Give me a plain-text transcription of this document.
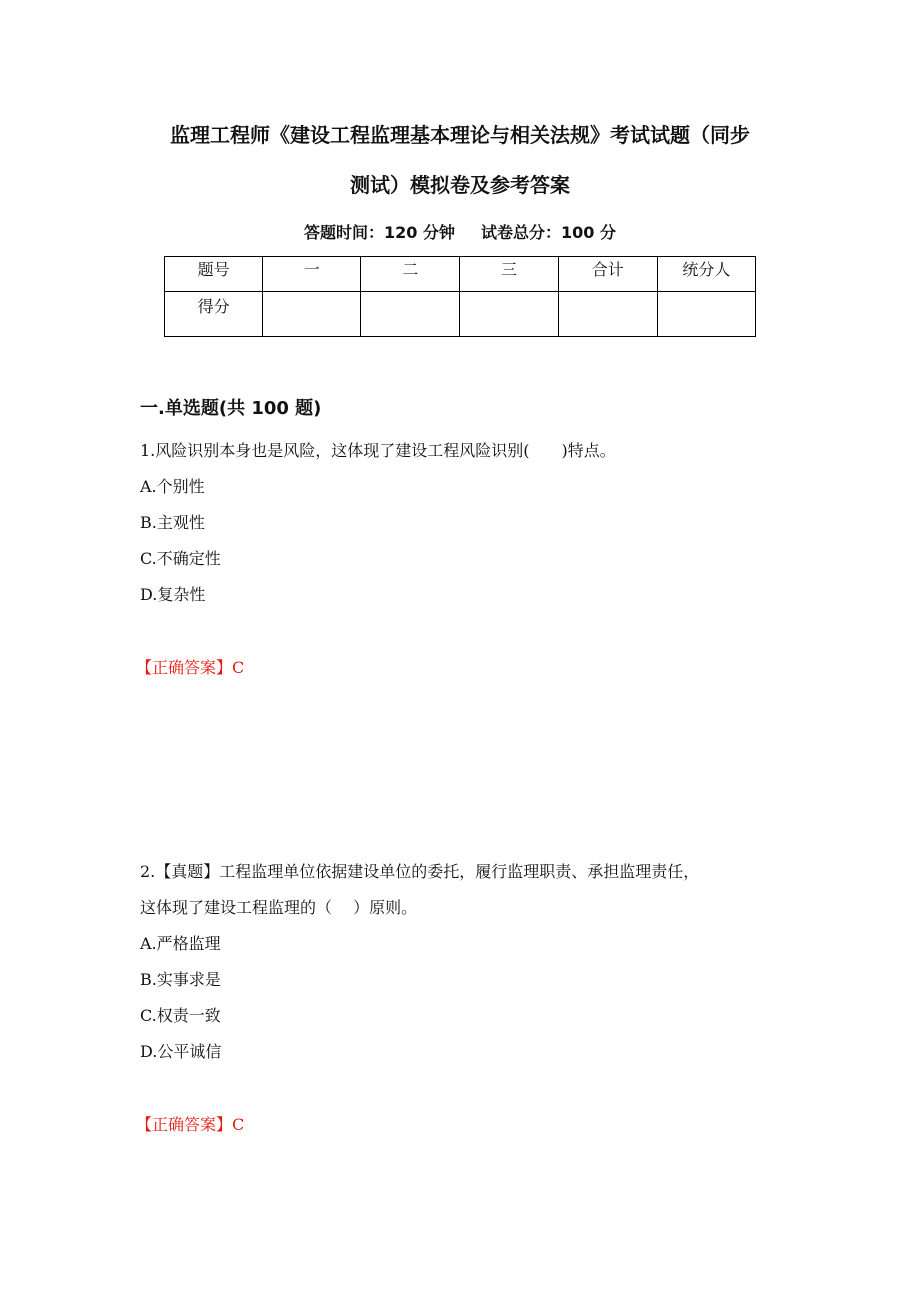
监理工程师《建设工程监理基本理论与相关法规》考试试题（同步
测试）模拟卷及参考答案
答题时间：120 分钟 试卷总分：100 分
题号	一	二	三	合计	统分人
得分					
一.单选题(共 100 题)
1.风险识别本身也是风险，这体现了建设工程风险识别(　　)特点。
A.个别性
B.主观性
C.不确定性
D.复杂性
【正确答案】C
2.【真题】工程监理单位依据建设单位的委托，履行监理职责、承担监理责任，
这体现了建设工程监理的（　 ）原则。
A.严格监理
B.实事求是
C.权责一致
D.公平诚信
【正确答案】C
